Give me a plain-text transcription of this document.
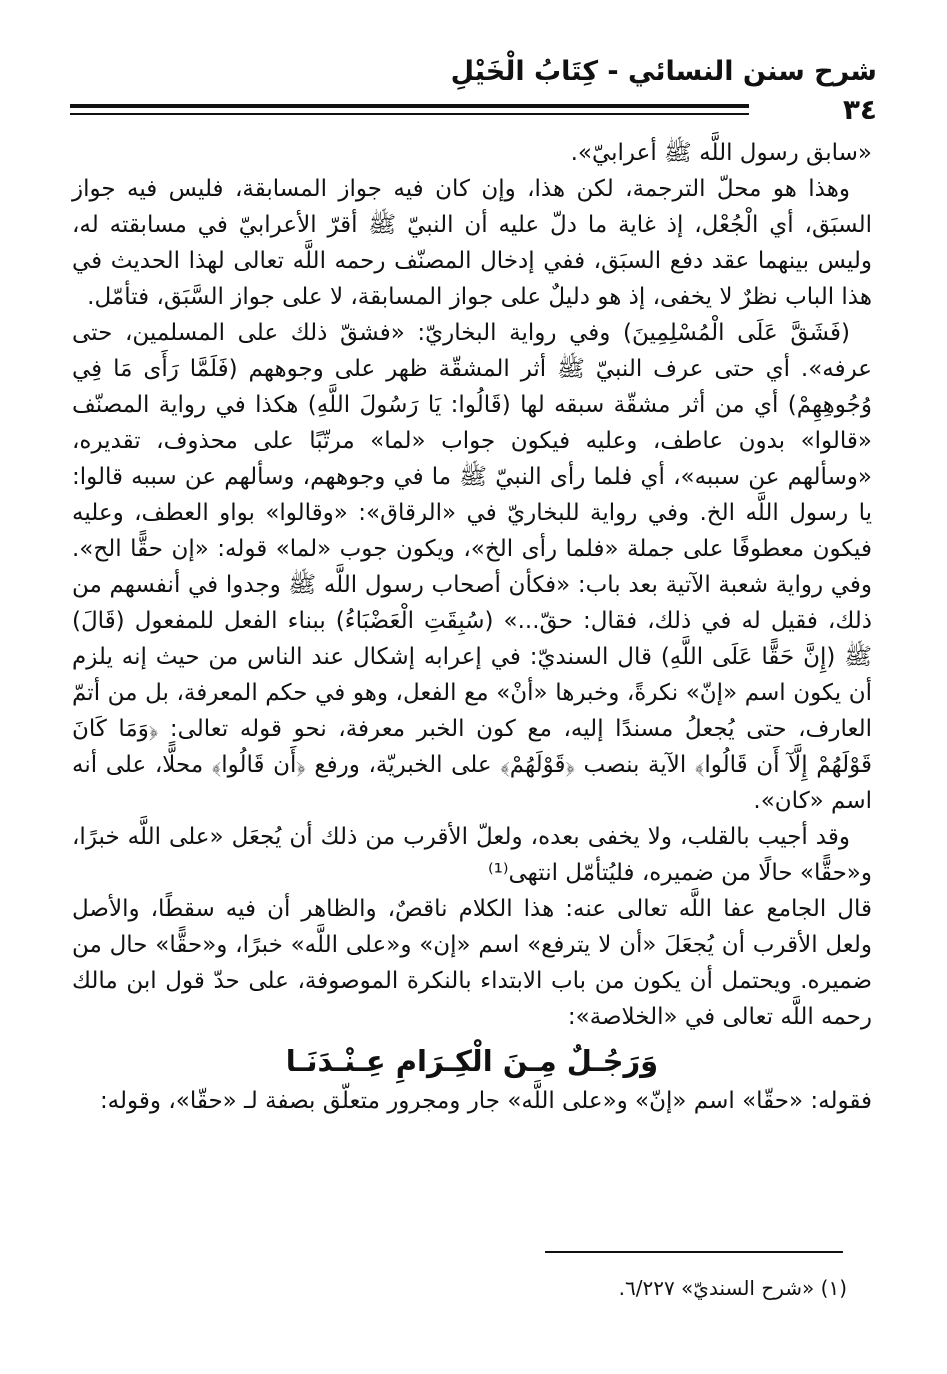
شرح سنن النسائي - كِتَابُ الْخَيْلِ
٣٤

«سابق رسول اللَّه ﷺ أعرابيّ».

وهذا هو محلّ الترجمة، لكن هذا، وإن كان فيه جواز المسابقة، فليس فيه جواز السبَق، أي الْجُعْل، إذ غاية ما دلّ عليه أن النبيّ ﷺ أقرّ الأعرابيّ في مسابقته له، وليس بينهما عقد دفع السبَق، ففي إدخال المصنّف رحمه اللَّه تعالى لهذا الحديث في هذا الباب نظرٌ لا يخفى، إذ هو دليلٌ على جواز المسابقة، لا على جواز السَّبَق، فتأمّل.

(فَشَقَّ عَلَى الْمُسْلِمِينَ) وفي رواية البخاريّ: «فشقّ ذلك على المسلمين، حتى عرفه». أي حتى عرف النبيّ ﷺ أثر المشقّة ظهر على وجوههم (فَلَمَّا رَأَى مَا فِي وُجُوهِهِمْ) أي من أثر مشقّة سبقه لها (قَالُوا: يَا رَسُولَ اللَّهِ) هكذا في رواية المصنّف «قالوا» بدون عاطف، وعليه فيكون جواب «لما» مرتّبًا على محذوف، تقديره، «وسألهم عن سببه»، أي فلما رأى النبيّ ﷺ ما في وجوههم، وسألهم عن سببه قالوا: يا رسول اللَّه الخ. وفي رواية للبخاريّ في «الرقاق»: «وقالوا» بواو العطف، وعليه فيكون معطوفًا على جملة «فلما رأى الخ»، ويكون جوب «لما» قوله: «إن حقًّا الح». وفي رواية شعبة الآتية بعد باب: «فكأن أصحاب رسول اللَّه ﷺ وجدوا في أنفسهم من ذلك، فقيل له في ذلك، فقال: حقّ...» (سُبِقَتِ الْعَضْبَاءُ) ببناء الفعل للمفعول (قَالَ) ﷺ (إِنَّ حَقًّا عَلَى اللَّهِ) قال السنديّ: في إعرابه إشكال عند الناس من حيث إنه يلزم أن يكون اسم «إنّ» نكرةً، وخبرها «أنْ» مع الفعل، وهو في حكم المعرفة، بل من أتمّ العارف، حتى يُجعلُ مسندًا إليه، مع كون الخبر معرفة، نحو قوله تعالى: ﴿وَمَا كَانَ قَوْلَهُمْ إِلَّآ أَن قَالُوا﴾ الآية بنصب ﴿قَوْلَهُمْ﴾ على الخبريّة، ورفع ﴿أَن قَالُوا﴾ محلًّا، على أنه اسم «كان».

وقد أجيب بالقلب، ولا يخفى بعده، ولعلّ الأقرب من ذلك أن يُجعَل «على اللَّه خبرًا، و«حقًّا» حالًا من ضميره، فليُتأمّل انتهى⁽¹⁾

قال الجامع عفا اللَّه تعالى عنه: هذا الكلام ناقصٌ، والظاهر أن فيه سقطًا، والأصل ولعل الأقرب أن يُجعَلَ «أن لا يترفع» اسم «إن» و«على اللَّه» خبرًا، و«حقًّا» حال من ضميره. ويحتمل أن يكون من باب الابتداء بالنكرة الموصوفة، على حدّ قول ابن مالك رحمه اللَّه تعالى في «الخلاصة»:

وَرَجُـلٌ مِـنَ الْكِـرَامِ عِـنْـدَنَـا

فقوله: «حقّا» اسم «إنّ» و«على اللَّه» جار ومجرور متعلّق بصفة لـ «حقّا»، وقوله:

(١) «شرح السنديّ» ٦/٢٢٧.
